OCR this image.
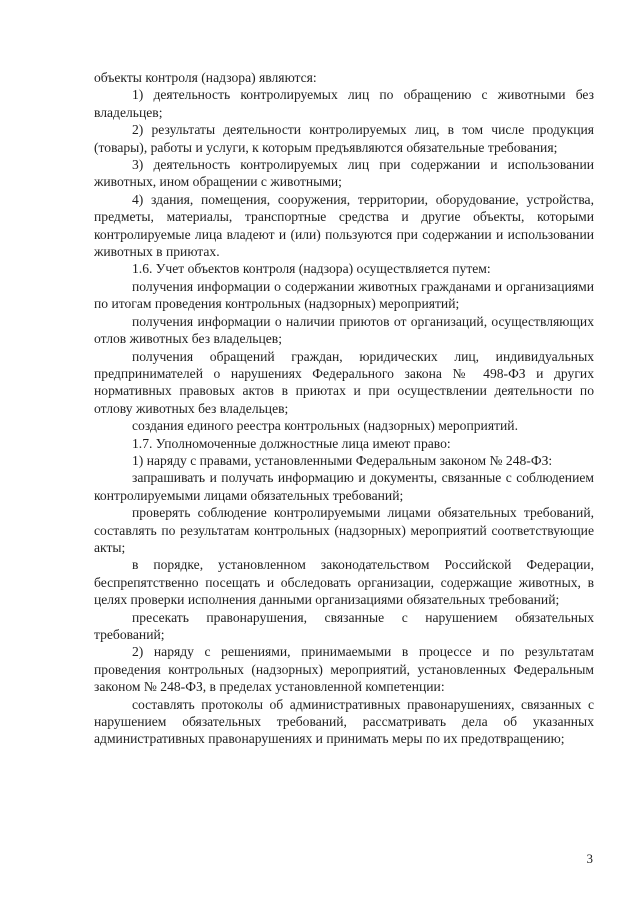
объекты контроля (надзора) являются:

1) деятельность контролируемых лиц по обращению с животными без владельцев;

2) результаты деятельности контролируемых лиц, в том числе продукция (товары), работы и услуги, к которым предъявляются обязательные требования;

3) деятельность контролируемых лиц при содержании и использовании животных, ином обращении с животными;

4) здания, помещения, сооружения, территории, оборудование, устройства, предметы, материалы, транспортные средства и другие объекты, которыми контролируемые лица владеют и (или) пользуются при содержании и использовании животных в приютах.

1.6. Учет объектов контроля (надзора) осуществляется путем:

получения информации о содержании животных гражданами и организациями по итогам проведения контрольных (надзорных) мероприятий;

получения информации о наличии приютов от организаций, осуществляющих отлов животных без владельцев;

получения обращений граждан, юридических лиц, индивидуальных предпринимателей о нарушениях Федерального закона № 498-ФЗ и других нормативных правовых актов в приютах и при осуществлении деятельности по отлову животных без владельцев;

создания единого реестра контрольных (надзорных) мероприятий.

1.7. Уполномоченные должностные лица имеют право:

1) наряду с правами, установленными Федеральным законом № 248-ФЗ:

запрашивать и получать информацию и документы, связанные с соблюдением контролируемыми лицами обязательных требований;

проверять соблюдение контролируемыми лицами обязательных требований, составлять по результатам контрольных (надзорных) мероприятий соответствующие акты;

в порядке, установленном законодательством Российской Федерации, беспрепятственно посещать и обследовать организации, содержащие животных, в целях проверки исполнения данными организациями обязательных требований;

пресекать правонарушения, связанные с нарушением обязательных требований;

2) наряду с решениями, принимаемыми в процессе и по результатам проведения контрольных (надзорных) мероприятий, установленных Федеральным законом № 248-ФЗ, в пределах установленной компетенции:

составлять протоколы об административных правонарушениях, связанных с нарушением обязательных требований, рассматривать дела об указанных административных правонарушениях и принимать меры по их предотвращению;

3
